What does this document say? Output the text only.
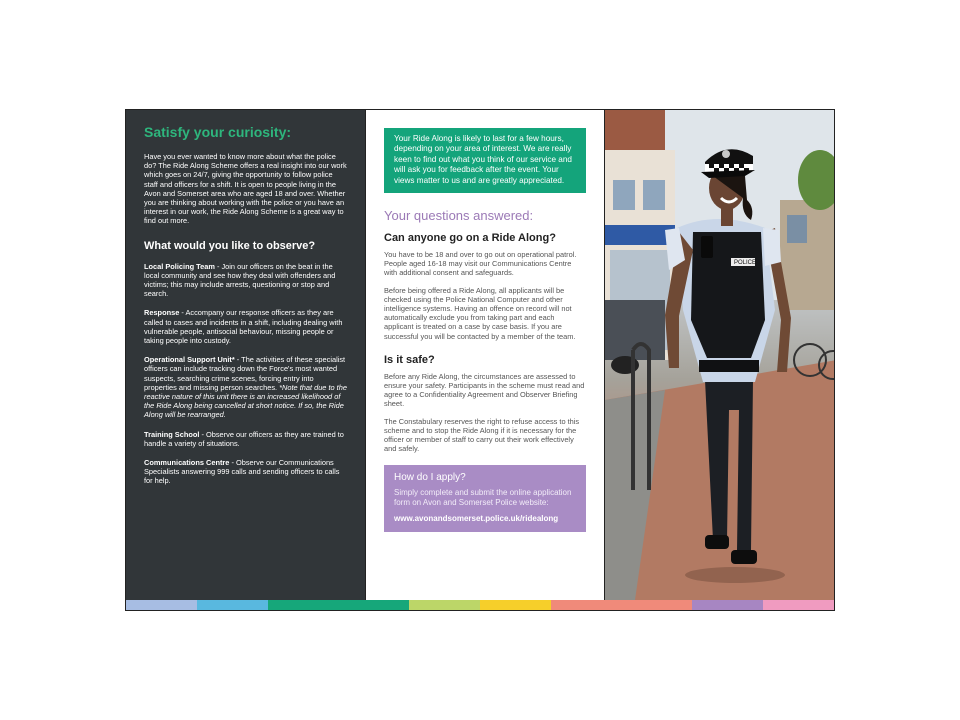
Satisfy your curiosity:

Have you ever wanted to know more about what the police do? The Ride Along Scheme offers a real insight into our work which goes on 24/7, giving the opportunity to follow police staff and officers for a shift. It is open to people living in the Avon and Somerset area who are aged 18 and over. Whether you are thinking about working with the police or you have an interest in our work, the Ride Along Scheme is a great way to find out more.

What would you like to observe?

Local Policing Team - Join our officers on the beat in the local community and see how they deal with offenders and victims; this may include arrests, questioning or stop and search.

Response - Accompany our response officers as they are called to cases and incidents in a shift, including dealing with vulnerable people, antisocial behaviour, missing people or taking people into custody.

Operational Support Unit* - The activities of these specialist officers can include tracking down the Force's most wanted suspects, searching crime scenes, forcing entry into properties and missing person searches. *Note that due to the reactive nature of this unit there is an increased likelihood of the Ride Along being cancelled at short notice. If so, the Ride Along will be rearranged.

Training School - Observe our officers as they are trained to handle a variety of situations.

Communications Centre - Observe our Communications Specialists answering 999 calls and sending officers to calls for help.

Your Ride Along is likely to last for a few hours, depending on your area of interest. We are really keen to find out what you think of our service and will ask you for feedback after the event. Your views matter to us and are greatly appreciated.
Your questions answered:
Can anyone go on a Ride Along?

You have to be 18 and over to go out on operational patrol. People aged 16-18 may visit our Communications Centre with additional consent and safeguards.

Before being offered a Ride Along, all applicants will be checked using the Police National Computer and other intelligence systems. Having an offence on record will not automatically exclude you from taking part and each applicant is treated on a case by case basis. If you are successful you will be contacted by a member of the team.

Is it safe?

Before any Ride Along, the circumstances are assessed to ensure your safety. Participants in the scheme must read and agree to a Confidentiality Agreement and Observer Briefing sheet.

The Constabulary reserves the right to refuse access to this scheme and to stop the Ride Along if it is necessary for the officer or member of staff to carry out their work effectively and safely.

How do I apply?

Simply complete and submit the online application form on Avon and Somerset Police website:

www.avonandsomerset.police.uk/ridealong

POLICE
